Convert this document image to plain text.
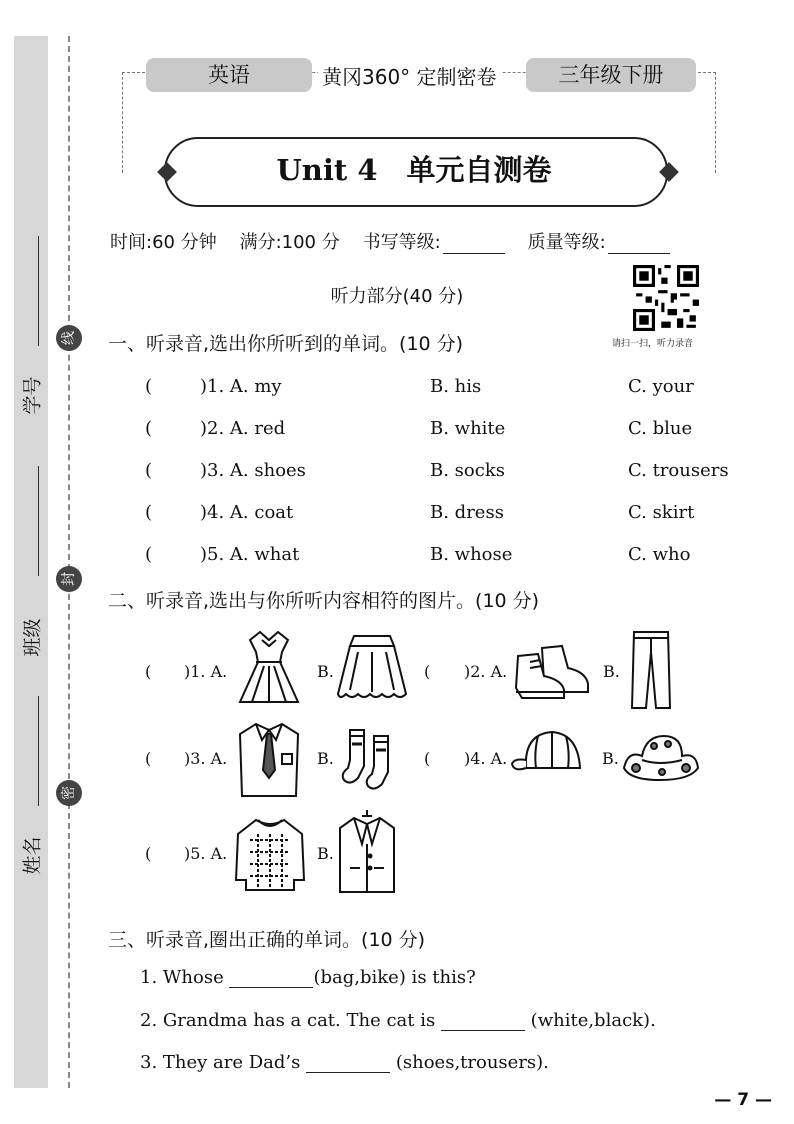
学号
班级
姓名
线
封
密
英语	黄冈360° 定制密卷	三年级下册
Unit 4　单元自测卷
时间:60 分钟 满分:100 分 书写等级:	质量等级:
听力部分(40 分)
请扫一扫，听力录音
一、听录音,选出你所听到的单词。(10 分)
(	)1. A. my	B. his	C. your
(	)2. A. red	B. white	C. blue
(	)3. A. shoes	B. socks	C. trousers
(	)4. A. coat	B. dress	C. skirt
(	)5. A. what	B. whose	C. who
二、听录音,选出与你所听内容相符的图片。(10 分)
( )1. A.	B.	( )2. A.	B.
( )3. A.	B.	( )4. A.	B.
( )5. A.	B.
三、听录音,圈出正确的单词。(10 分)
1. Whose	(bag,bike) is this?
2. Grandma has a cat. The cat is	(white,black).
3. They are Dad’s	(shoes,trousers).
— 7 —
